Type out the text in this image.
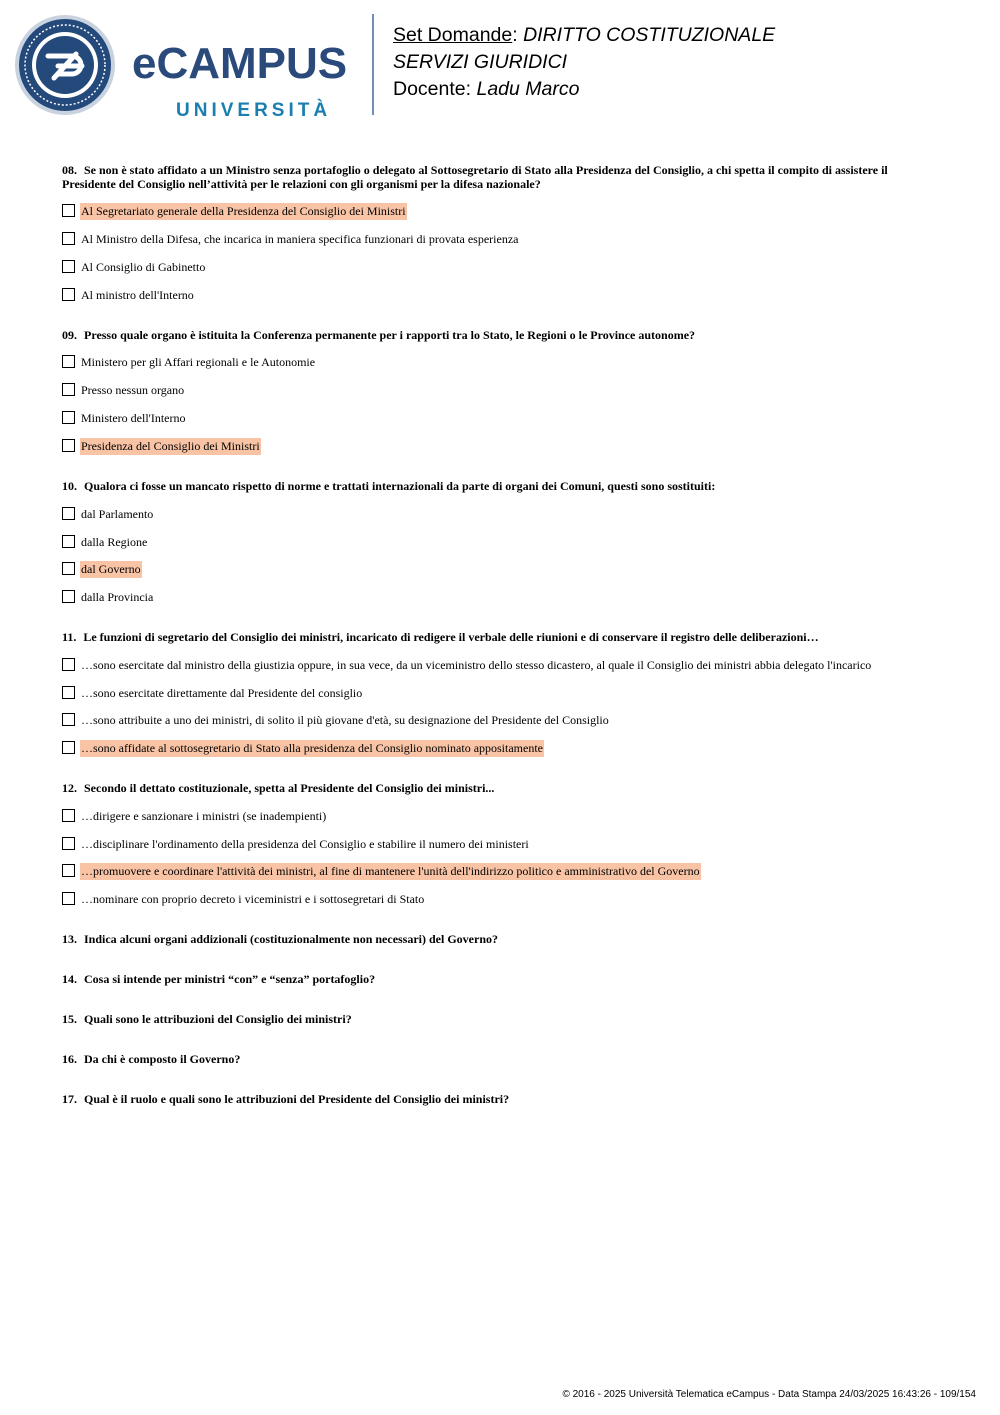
eCAMPUS
UNIVERSITÀ
Set Domande: DIRITTO COSTITUZIONALE
SERVIZI GIURIDICI
Docente: Ladu Marco
08. Se non è stato affidato a un Ministro senza portafoglio o delegato al Sottosegretario di Stato alla Presidenza del Consiglio, a chi spetta il compito di assistere il Presidente del Consiglio nell’attività per le relazioni con gli organismi per la difesa nazionale?
Al Segretariato generale della Presidenza del Consiglio dei Ministri
Al Ministro della Difesa, che incarica in maniera specifica funzionari di provata esperienza
Al Consiglio di Gabinetto
Al ministro dell'Interno
09. Presso quale organo è istituita la Conferenza permanente per i rapporti tra lo Stato, le Regioni o le Province autonome?
Ministero per gli Affari regionali e le Autonomie
Presso nessun organo
Ministero dell'Interno
Presidenza del Consiglio dei Ministri
10. Qualora ci fosse un mancato rispetto di norme e trattati internazionali da parte di organi dei Comuni, questi sono sostituiti:
dal Parlamento
dalla Regione
dal Governo
dalla Provincia
11. Le funzioni di segretario del Consiglio dei ministri, incaricato di redigere il verbale delle riunioni e di conservare il registro delle deliberazioni…
…sono esercitate dal ministro della giustizia oppure, in sua vece, da un viceministro dello stesso dicastero, al quale il Consiglio dei ministri abbia delegato l'incarico
…sono esercitate direttamente dal Presidente del consiglio
…sono attribuite a uno dei ministri, di solito il più giovane d'età, su designazione del Presidente del Consiglio
…sono affidate al sottosegretario di Stato alla presidenza del Consiglio nominato appositamente
12. Secondo il dettato costituzionale, spetta al Presidente del Consiglio dei ministri...
…dirigere e sanzionare i ministri (se inadempienti)
…disciplinare l'ordinamento della presidenza del Consiglio e stabilire il numero dei ministeri
…promuovere e coordinare l'attività dei ministri, al fine di mantenere l'unità dell'indirizzo politico e amministrativo del Governo
…nominare con proprio decreto i viceministri e i sottosegretari di Stato
13. Indica alcuni organi addizionali (costituzionalmente non necessari) del Governo?
14. Cosa si intende per ministri “con” e “senza” portafoglio?
15. Quali sono le attribuzioni del Consiglio dei ministri?
16. Da chi è composto il Governo?
17. Qual è il ruolo e quali sono le attribuzioni del Presidente del Consiglio dei ministri?
© 2016 - 2025 Università Telematica eCampus - Data Stampa 24/03/2025 16:43:26 - 109/154
